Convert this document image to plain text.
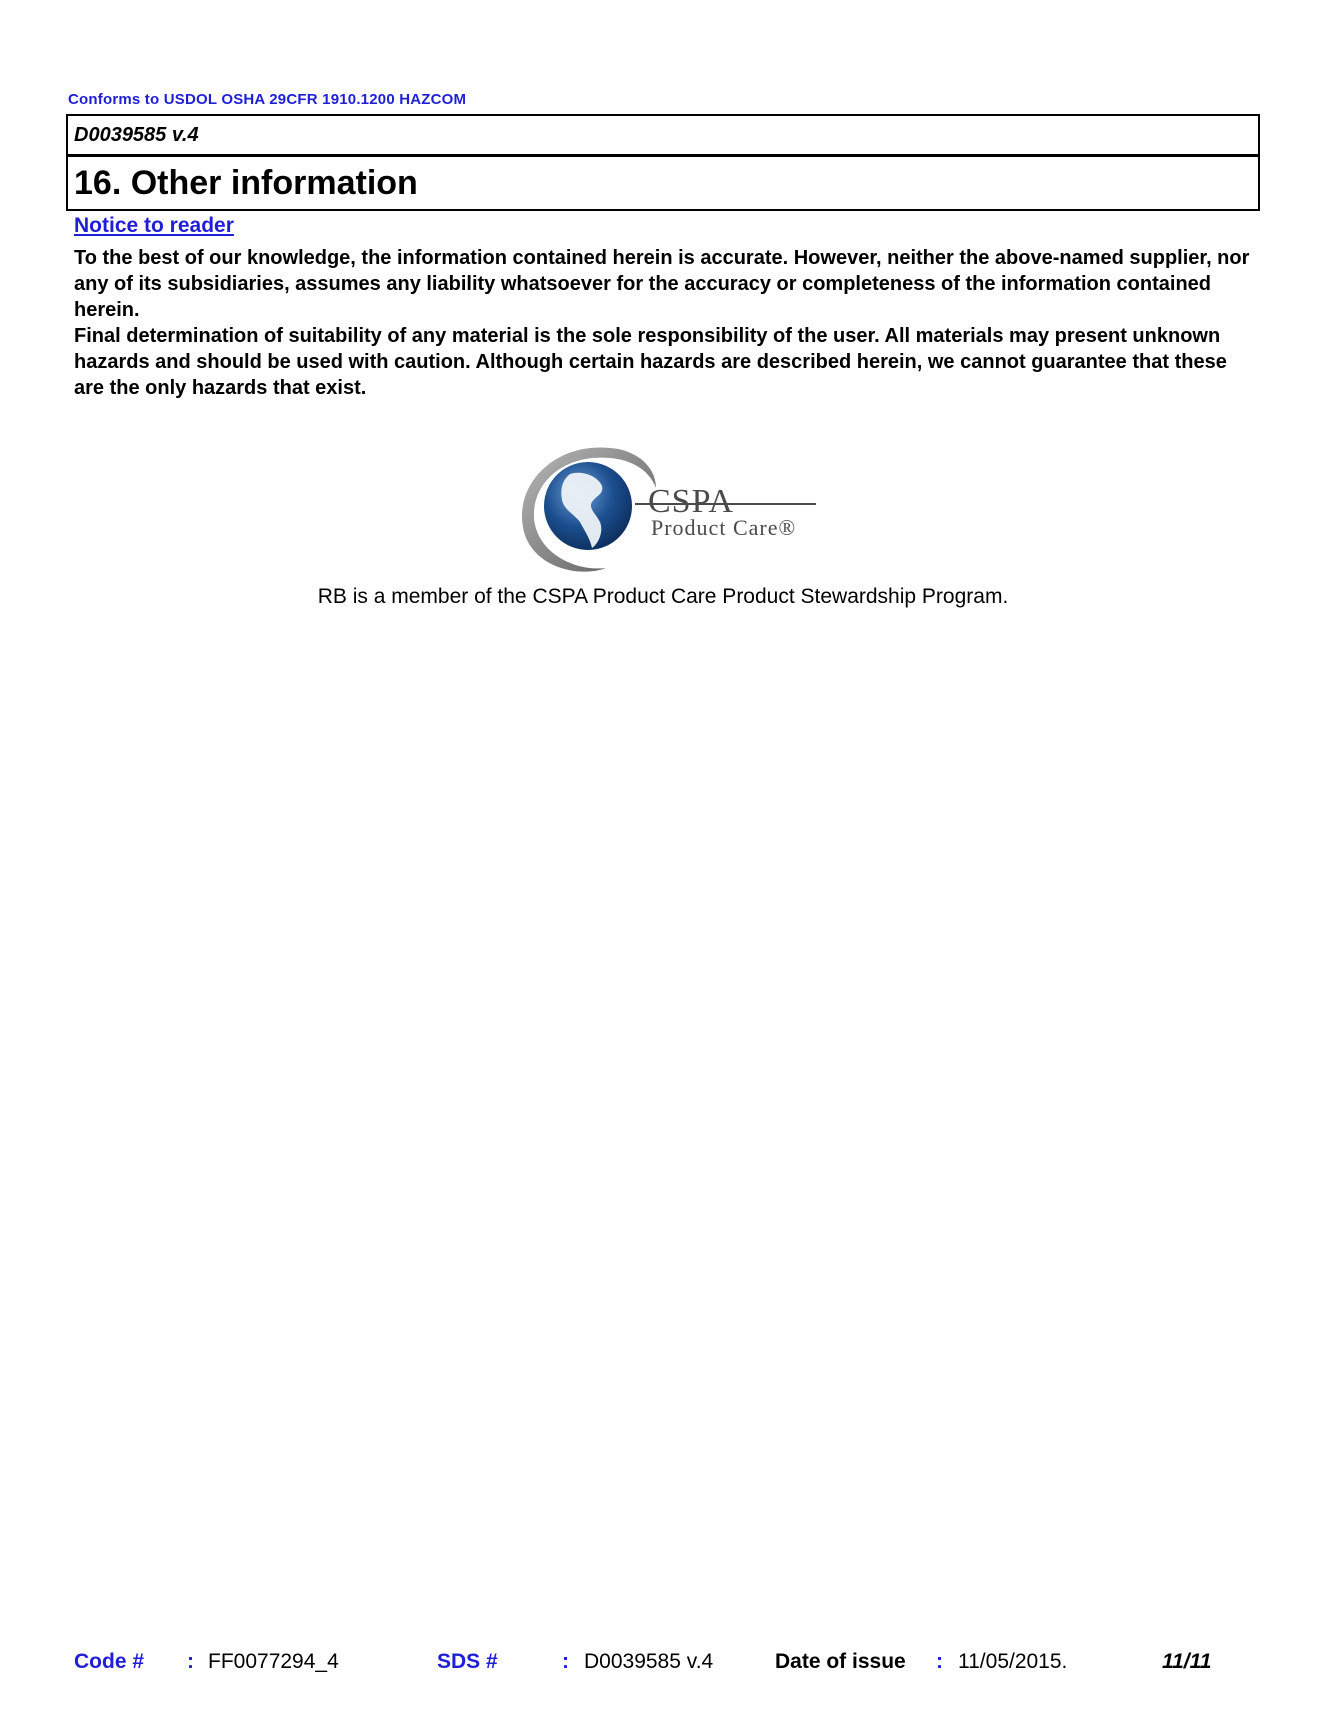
Conforms to USDOL OSHA 29CFR 1910.1200 HAZCOM
D0039585 v.4
16. Other information
Notice to reader

To the best of our knowledge, the information contained herein is accurate. However, neither the above-named supplier, nor any of its subsidiaries, assumes any liability whatsoever for the accuracy or completeness of the information contained herein.

Final determination of suitability of any material is the sole responsibility of the user. All materials may present unknown hazards and should be used with caution. Although certain hazards are described herein, we cannot guarantee that these are the only hazards that exist.

CSPA
Product Care®
RB is a member of the CSPA Product Care Product Stewardship Program.
Code # : FF0077294_4	SDS #	: D0039585 v.4	Date of issue : 11/05/2015.	11/11
